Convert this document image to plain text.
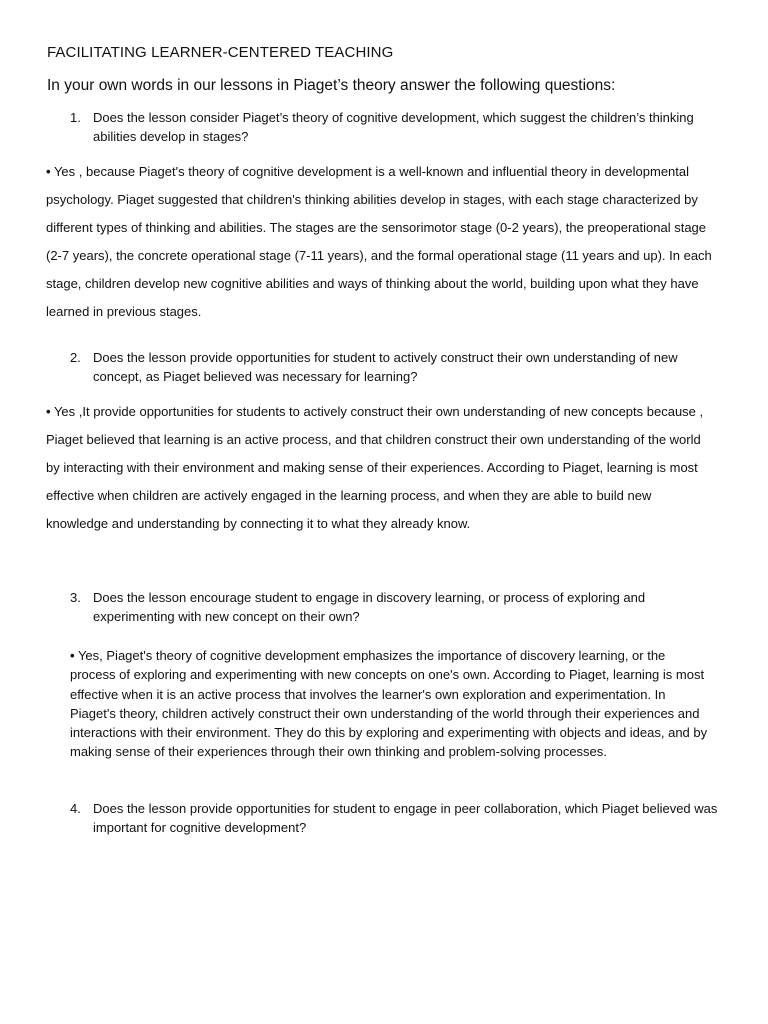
FACILITATING LEARNER-CENTERED TEACHING
In your own words in our lessons in Piaget’s theory answer the following questions:
1. Does the lesson consider Piaget’s theory of cognitive development, which suggest the children’s thinking abilities develop in stages?
• Yes , because Piaget's theory of cognitive development is a well-known and influential theory in developmental psychology. Piaget suggested that children's thinking abilities develop in stages, with each stage characterized by different types of thinking and abilities. The stages are the sensorimotor stage (0-2 years), the preoperational stage (2-7 years), the concrete operational stage (7-11 years), and the formal operational stage (11 years and up). In each stage, children develop new cognitive abilities and ways of thinking about the world, building upon what they have learned in previous stages.
2. Does the lesson provide opportunities for student to actively construct their own understanding of new concept, as Piaget believed was necessary for learning?
• Yes ,It provide opportunities for students to actively construct their own understanding of new concepts because , Piaget believed that learning is an active process, and that children construct their own understanding of the world by interacting with their environment and making sense of their experiences. According to Piaget, learning is most effective when children are actively engaged in the learning process, and when they are able to build new knowledge and understanding by connecting it to what they already know.
3. Does the lesson encourage student to engage in discovery learning, or process of exploring and experimenting with new concept on their own?
• Yes, Piaget's theory of cognitive development emphasizes the importance of discovery learning, or the process of exploring and experimenting with new concepts on one's own. According to Piaget, learning is most effective when it is an active process that involves the learner's own exploration and experimentation. In Piaget's theory, children actively construct their own understanding of the world through their experiences and interactions with their environment. They do this by exploring and experimenting with objects and ideas, and by making sense of their experiences through their own thinking and problem-solving processes.
4. Does the lesson provide opportunities for student to engage in peer collaboration, which Piaget believed was important for cognitive development?
